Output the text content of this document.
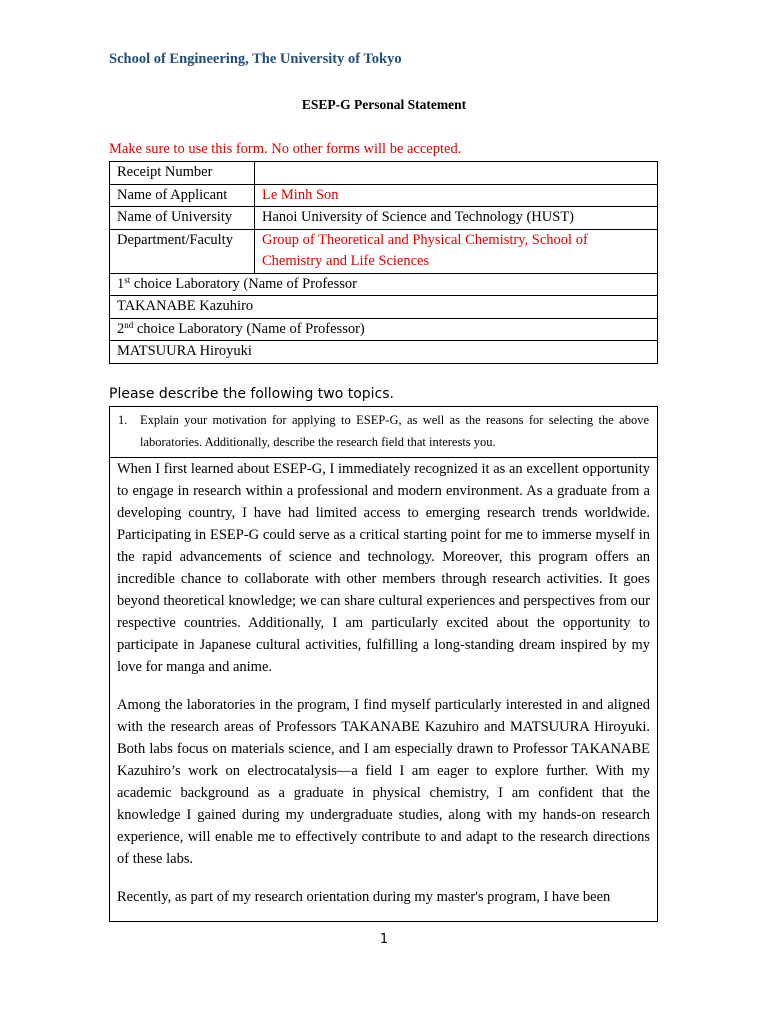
School of Engineering, The University of Tokyo

ESEP-G Personal Statement

Make sure to use this form. No other forms will be accepted.

Receipt Number	
Name of Applicant	Le Minh Son
Name of University	Hanoi University of Science and Technology (HUST)
Department/Faculty	Group of Theoretical and Physical Chemistry, School of Chemistry and Life Sciences
1st choice Laboratory (Name of Professor	
TAKANABE Kazuhiro	
2nd choice Laboratory (Name of Professor)	
MATSUURA Hiroyuki	

Please describe the following two topics.

1.	Explain your motivation for applying to ESEP-G, as well as the reasons for selecting the above laboratories. Additionally, describe the research field that interests you.

When I first learned about ESEP-G, I immediately recognized it as an excellent opportunity to engage in research within a professional and modern environment. As a graduate from a developing country, I have had limited access to emerging research trends worldwide. Participating in ESEP-G could serve as a critical starting point for me to immerse myself in the rapid advancements of science and technology. Moreover, this program offers an incredible chance to collaborate with other members through research activities. It goes beyond theoretical knowledge; we can share cultural experiences and perspectives from our respective countries. Additionally, I am particularly excited about the opportunity to participate in Japanese cultural activities, fulfilling a long-standing dream inspired by my love for manga and anime.

Among the laboratories in the program, I find myself particularly interested in and aligned with the research areas of Professors TAKANABE Kazuhiro and MATSUURA Hiroyuki. Both labs focus on materials science, and I am especially drawn to Professor TAKANABE Kazuhiro’s work on electrocatalysis—a field I am eager to explore further. With my academic background as a graduate in physical chemistry, I am confident that the knowledge I gained during my undergraduate studies, along with my hands-on research experience, will enable me to effectively contribute to and adapt to the research directions of these labs.

Recently, as part of my research orientation during my master's program, I have been

1
